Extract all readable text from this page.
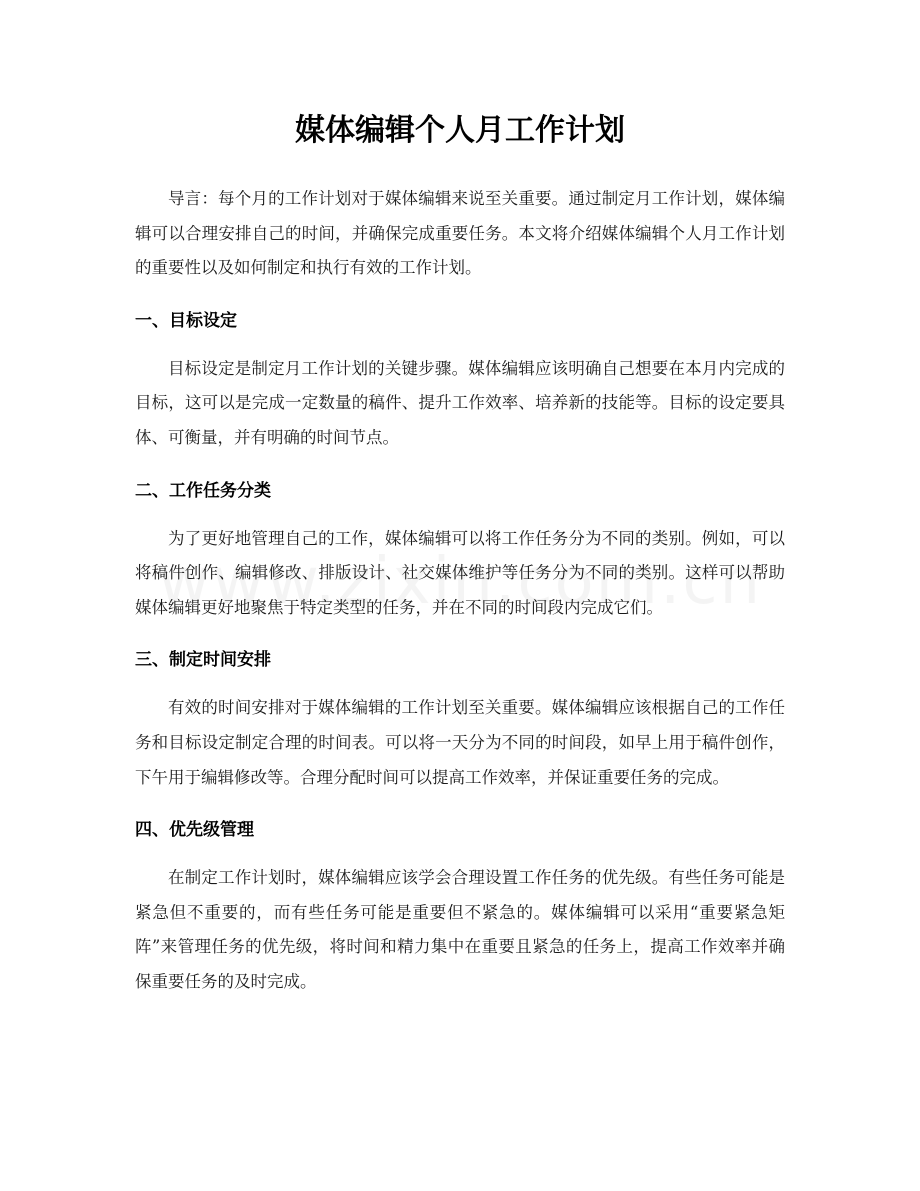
媒体编辑个人月工作计划

导言：每个月的工作计划对于媒体编辑来说至关重要。通过制定月工作计划，媒体编辑可以合理安排自己的时间，并确保完成重要任务。本文将介绍媒体编辑个人月工作计划的重要性以及如何制定和执行有效的工作计划。

一、目标设定

目标设定是制定月工作计划的关键步骤。媒体编辑应该明确自己想要在本月内完成的目标，这可以是完成一定数量的稿件、提升工作效率、培养新的技能等。目标的设定要具体、可衡量，并有明确的时间节点。

二、工作任务分类

为了更好地管理自己的工作，媒体编辑可以将工作任务分为不同的类别。例如，可以将稿件创作、编辑修改、排版设计、社交媒体维护等任务分为不同的类别。这样可以帮助媒体编辑更好地聚焦于特定类型的任务，并在不同的时间段内完成它们。

三、制定时间安排

有效的时间安排对于媒体编辑的工作计划至关重要。媒体编辑应该根据自己的工作任务和目标设定制定合理的时间表。可以将一天分为不同的时间段，如早上用于稿件创作，下午用于编辑修改等。合理分配时间可以提高工作效率，并保证重要任务的完成。

四、优先级管理

在制定工作计划时，媒体编辑应该学会合理设置工作任务的优先级。有些任务可能是紧急但不重要的，而有些任务可能是重要但不紧急的。媒体编辑可以采用“重要紧急矩阵”来管理任务的优先级，将时间和精力集中在重要且紧急的任务上，提高工作效率并确保重要任务的及时完成。
